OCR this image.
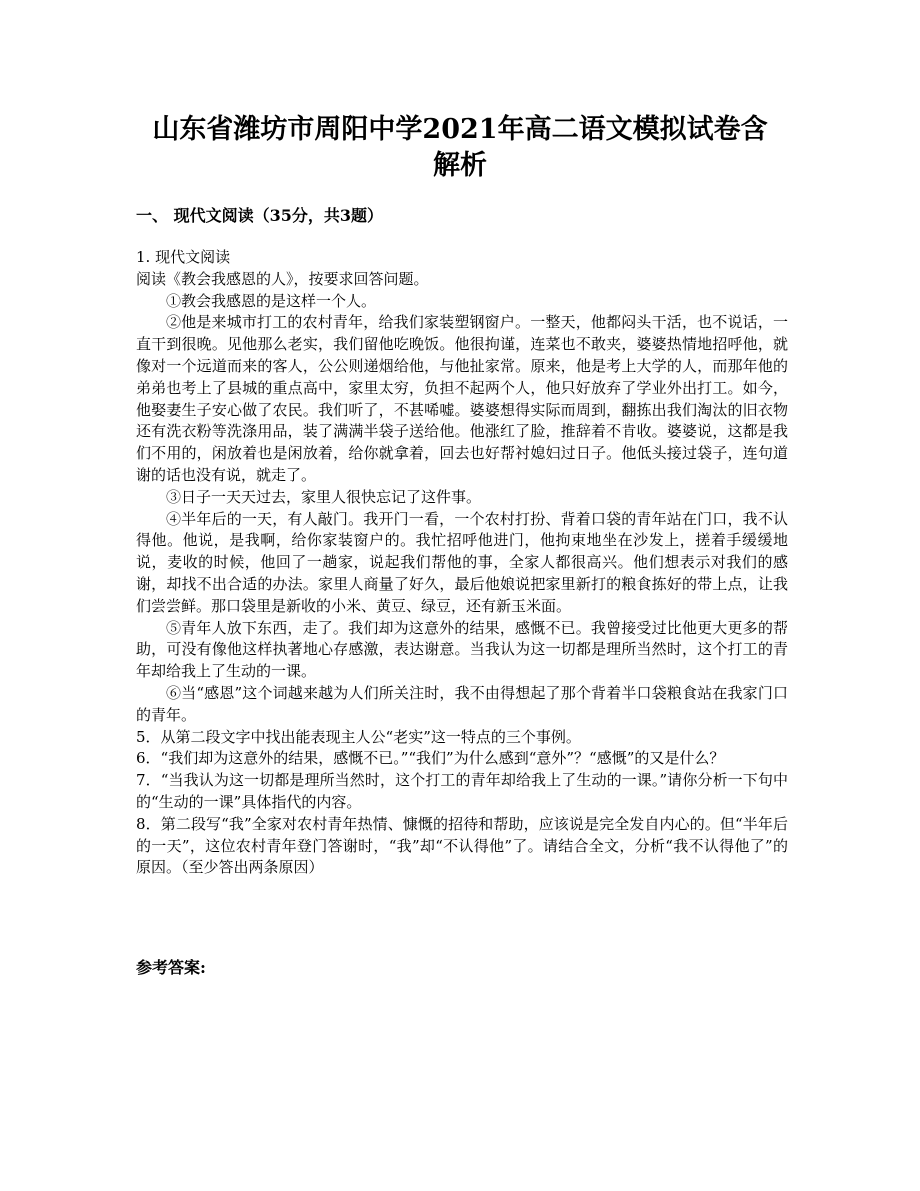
山东省潍坊市周阳中学2021年高二语文模拟试卷含解析
一、 现代文阅读（35分，共3题）

1. 现代文阅读

阅读《教会我感恩的人》，按要求回答问题。

①教会我感恩的是这样一个人。

②他是来城市打工的农村青年，给我们家装塑钢窗户。一整天，他都闷头干活，也不说话，一直干到很晚。见他那么老实，我们留他吃晚饭。他很拘谨，连菜也不敢夹，婆婆热情地招呼他，就像对一个远道而来的客人，公公则递烟给他，与他扯家常。原来，他是考上大学的人，而那年他的弟弟也考上了县城的重点高中，家里太穷，负担不起两个人，他只好放弃了学业外出打工。如今，他娶妻生子安心做了农民。我们听了，不甚唏嘘。婆婆想得实际而周到，翻拣出我们淘汰的旧衣物还有洗衣粉等洗涤用品，装了满满半袋子送给他。他涨红了脸，推辞着不肯收。婆婆说，这都是我们不用的，闲放着也是闲放着，给你就拿着，回去也好帮衬媳妇过日子。他低头接过袋子，连句道谢的话也没有说，就走了。

③日子一天天过去，家里人很快忘记了这件事。

④半年后的一天，有人敲门。我开门一看，一个农村打扮、背着口袋的青年站在门口，我不认得他。他说，是我啊，给你家装窗户的。我忙招呼他进门，他拘束地坐在沙发上，搓着手缓缓地说，麦收的时候，他回了一趟家，说起我们帮他的事，全家人都很高兴。他们想表示对我们的感谢，却找不出合适的办法。家里人商量了好久，最后他娘说把家里新打的粮食拣好的带上点，让我们尝尝鲜。那口袋里是新收的小米、黄豆、绿豆，还有新玉米面。

⑤青年人放下东西，走了。我们却为这意外的结果，感慨不已。我曾接受过比他更大更多的帮助，可没有像他这样执著地心存感激，表达谢意。当我认为这一切都是理所当然时，这个打工的青年却给我上了生动的一课。

⑥当“感恩”这个词越来越为人们所关注时，我不由得想起了那个背着半口袋粮食站在我家门口的青年。

5．从第二段文字中找出能表现主人公“老实”这一特点的三个事例。

6．“我们却为这意外的结果，感慨不已。”“我们”为什么感到“意外”？“感慨”的又是什么？

7．“当我认为这一切都是理所当然时，这个打工的青年却给我上了生动的一课。”请你分析一下句中的“生动的一课”具体指代的内容。

8．第二段写“我”全家对农村青年热情、慷慨的招待和帮助，应该说是完全发自内心的。但“半年后的一天”，这位农村青年登门答谢时，“我”却“不认得他”了。请结合全文，分析“我不认得他了”的原因。（至少答出两条原因）

参考答案:
